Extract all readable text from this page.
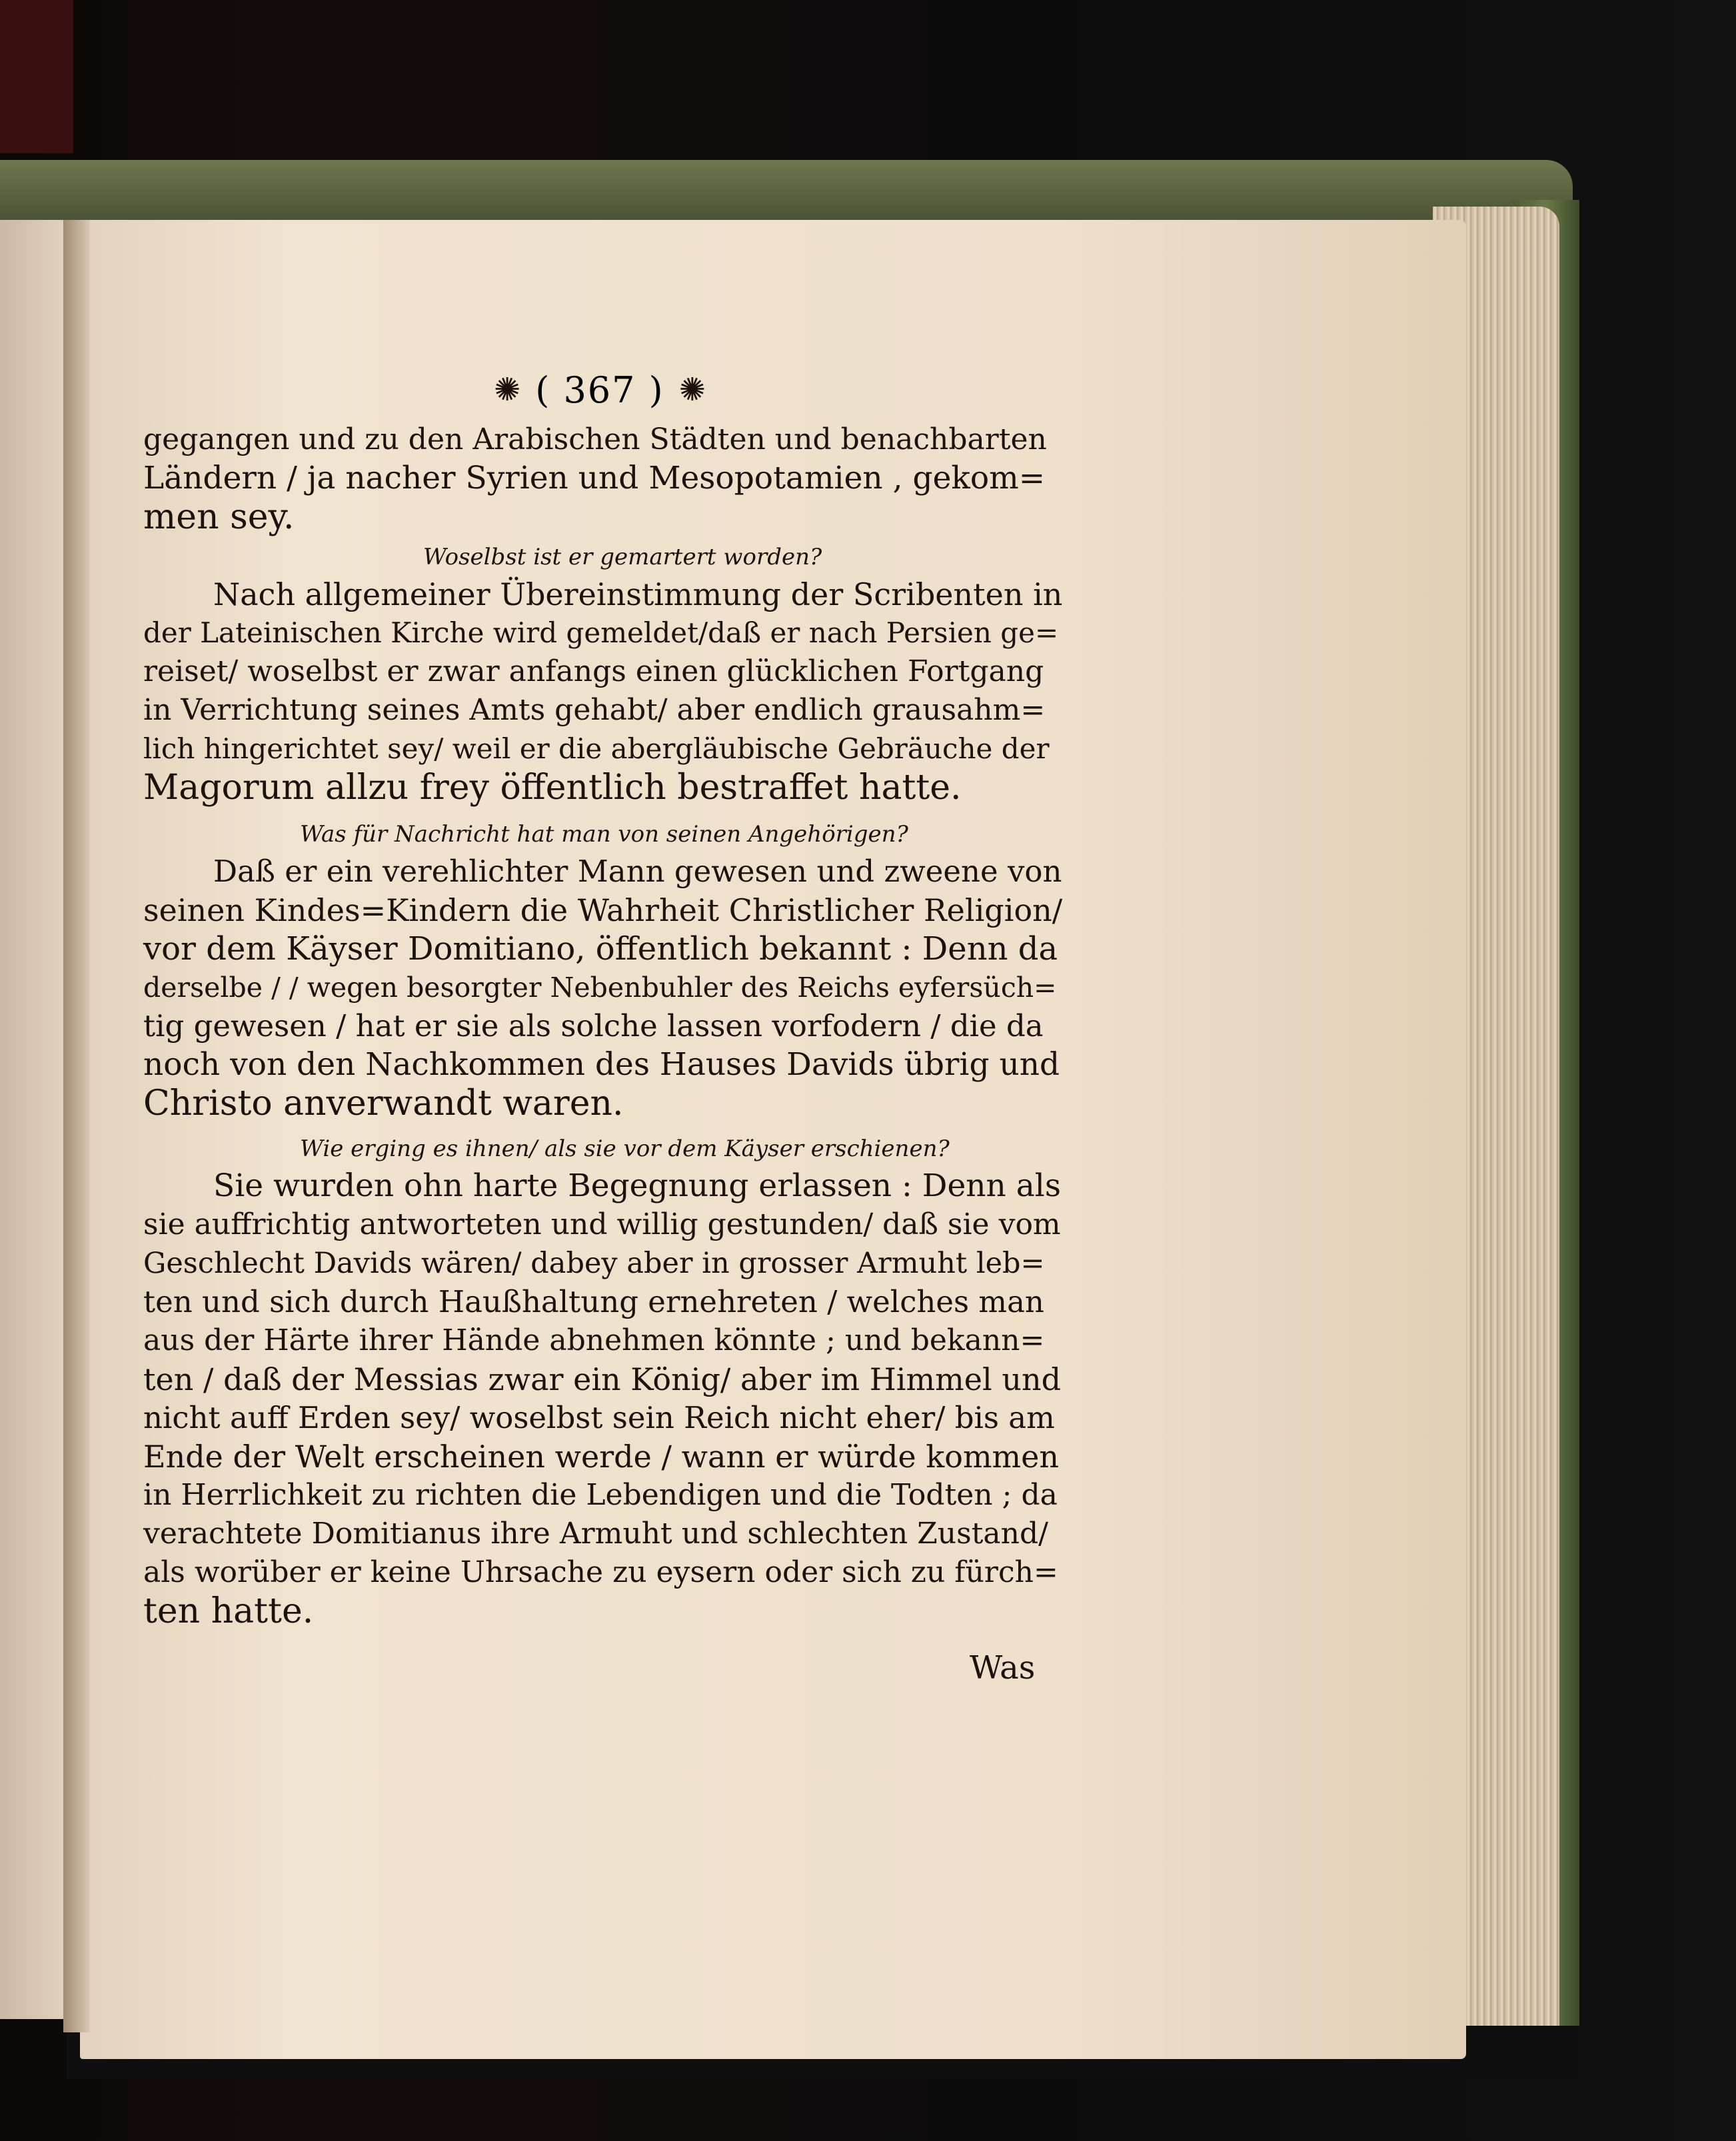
✺ ( 367 ) ✺
gegangen und zu den Arabischen Städten und benachbarten
Ländern / ja nacher Syrien und Mesopotamien , gekom=
men sey.
Woselbst ist er gemartert worden?
Nach allgemeiner Übereinstimmung der Scribenten in
der Lateinischen Kirche wird gemeldet/daß er nach Persien ge=
reiset/ woselbst er zwar anfangs einen glücklichen Fortgang
in Verrichtung seines Amts gehabt/ aber endlich grausahm=
lich hingerichtet sey/ weil er die abergläubische Gebräuche der
Magorum allzu frey öffentlich bestraffet hatte.
Was für Nachricht hat man von seinen Angehörigen?
Daß er ein verehlichter Mann gewesen und zweene von
seinen Kindes=Kindern die Wahrheit Christlicher Religion/
vor dem Käyser Domitiano, öffentlich bekannt : Denn da
derselbe / / wegen besorgter Nebenbuhler des Reichs eyfersüch=
tig gewesen / hat er sie als solche lassen vorfodern / die da
noch von den Nachkommen des Hauses Davids übrig und
Christo anverwandt waren.
Wie erging es ihnen/ als sie vor dem Käyser erschienen?
Sie wurden ohn harte Begegnung erlassen : Denn als
sie auffrichtig antworteten und willig gestunden/ daß sie vom
Geschlecht Davids wären/ dabey aber in grosser Armuht leb=
ten und sich durch Haußhaltung ernehreten / welches man
aus der Härte ihrer Hände abnehmen könnte ; und bekann=
ten / daß der Messias zwar ein König/ aber im Himmel und
nicht auff Erden sey/ woselbst sein Reich nicht eher/ bis am
Ende der Welt erscheinen werde / wann er würde kommen
in Herrlichkeit zu richten die Lebendigen und die Todten ; da
verachtete Domitianus ihre Armuht und schlechten Zustand/
als worüber er keine Uhrsache zu eysern oder sich zu fürch=
ten hatte.
Was
